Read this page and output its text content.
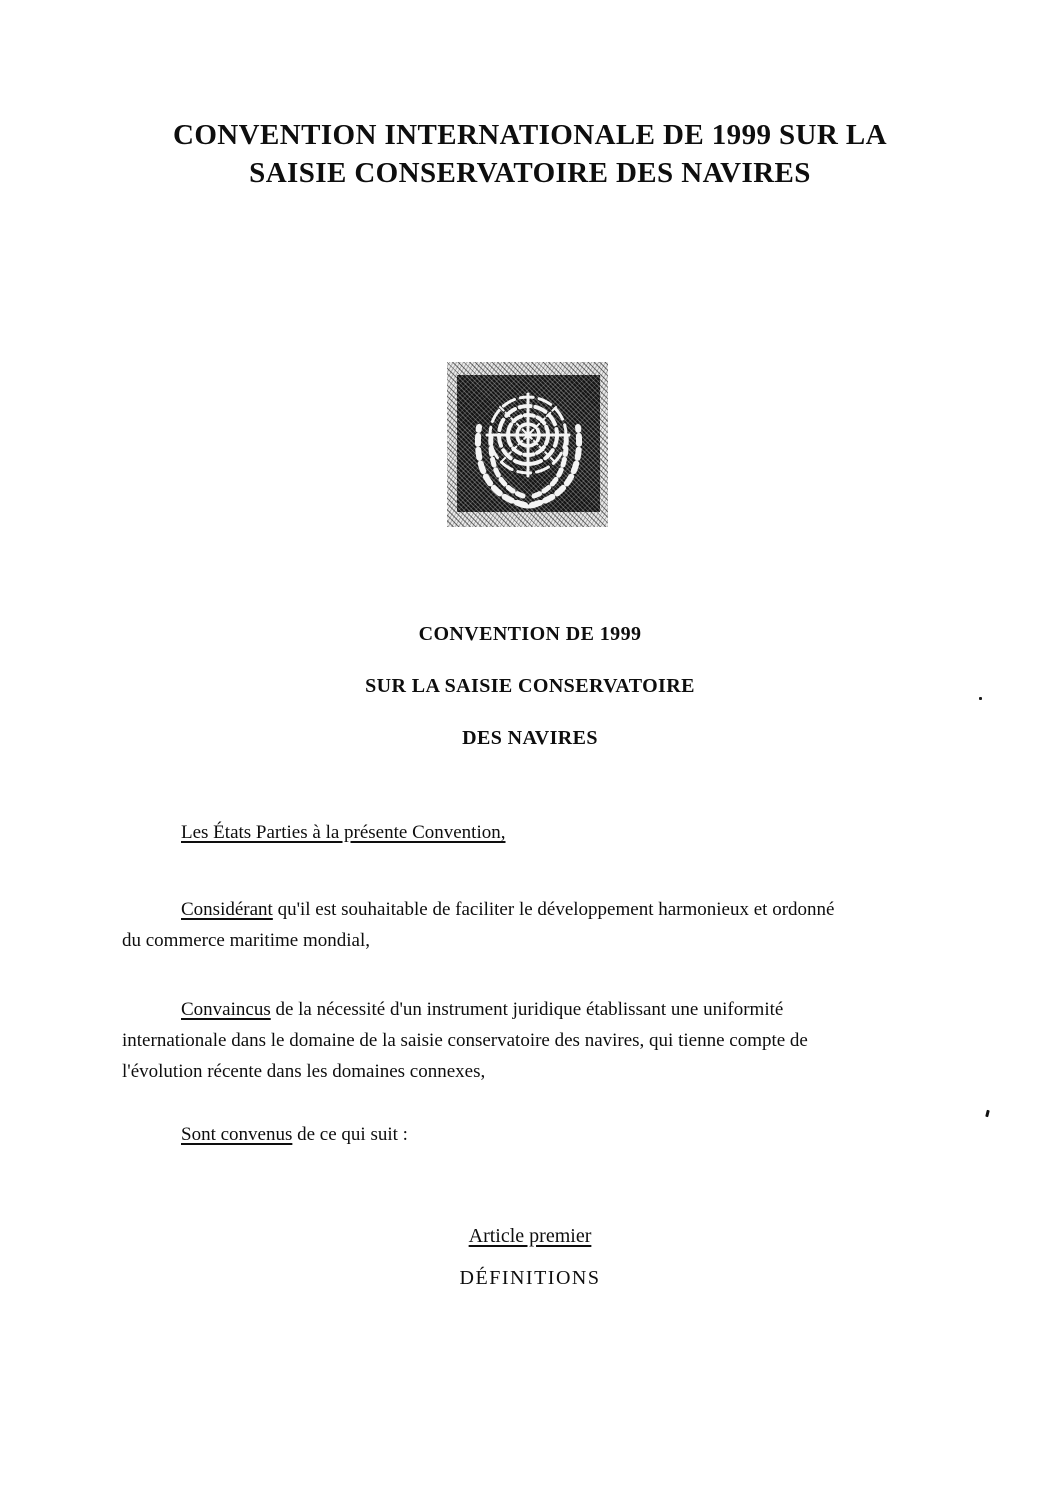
CONVENTION INTERNATIONALE DE 1999 SUR LA
SAISIE CONSERVATOIRE DES NAVIRES
CONVENTION DE 1999
SUR LA SAISIE CONSERVATOIRE
DES NAVIRES
Les États Parties à la présente Convention,
Considérant qu'il est souhaitable de faciliter le développement harmonieux et ordonné
du commerce maritime mondial,
Convaincus de la nécessité d'un instrument juridique établissant une uniformité
internationale dans le domaine de la saisie conservatoire des navires, qui tienne compte de
l'évolution récente dans les domaines connexes,
Sont convenus de ce qui suit :
Article premier
DÉFINITIONS
